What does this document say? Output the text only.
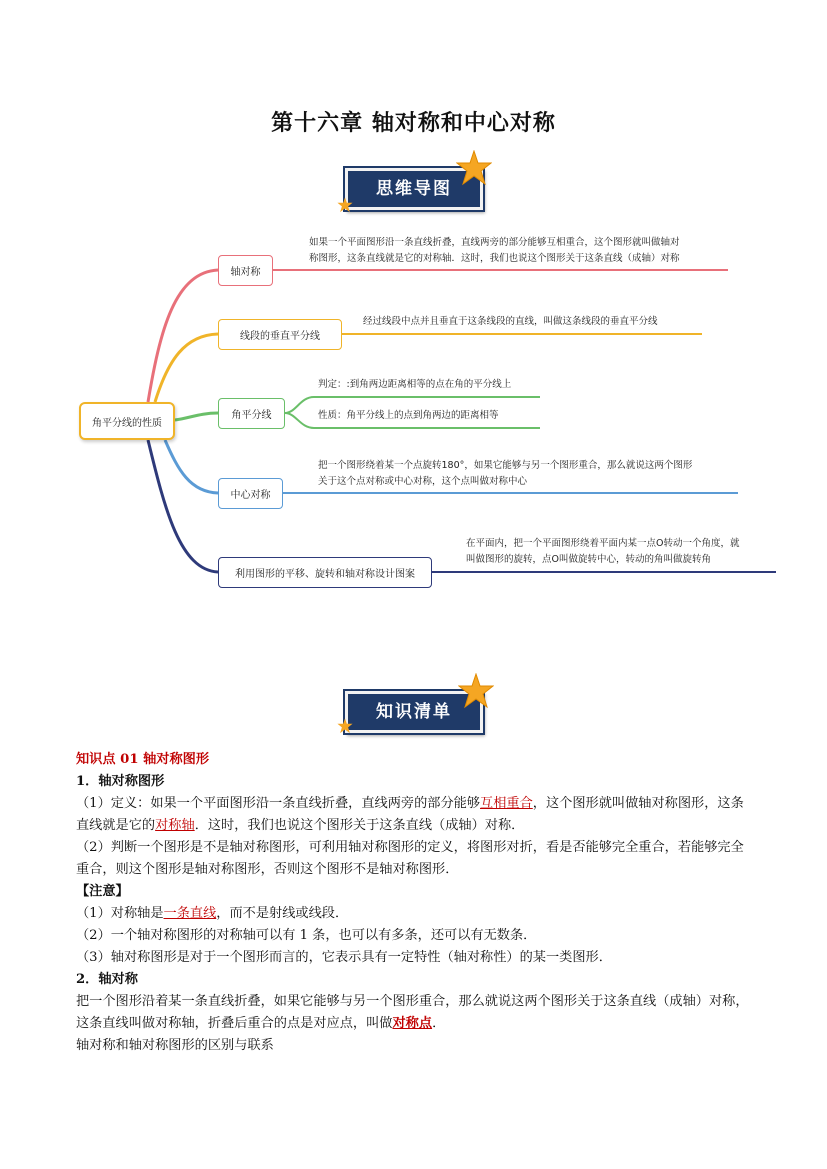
第十六章 轴对称和中心对称
思维导图
角平分线的性质
轴对称
线段的垂直平分线
角平分线
中心对称
利用图形的平移、旋转和轴对称设计图案
如果一个平面图形沿一条直线折叠，直线两旁的部分能够互相重合，这个图形就叫做轴对
称图形，这条直线就是它的对称轴．这时，我们也说这个图形关于这条直线（成轴）对称
经过线段中点并且垂直于这条线段的直线，叫做这条线段的垂直平分线
判定：:到角两边距离相等的点在角的平分线上
性质：角平分线上的点到角两边的距离相等
把一个图形绕着某一个点旋转180°，如果它能够与另一个图形重合，那么就说这两个图形
关于这个点对称或中心对称，这个点叫做对称中心
在平面内，把一个平面图形绕着平面内某一点O转动一个角度，就
叫做图形的旋转，点O叫做旋转中心，转动的角叫做旋转角
知识清单

知识点 01 轴对称图形

1．轴对称图形

（1）定义：如果一个平面图形沿一条直线折叠，直线两旁的部分能够互相重合，这个图形就叫做轴对称图形，这条直线就是它的对称轴．这时，我们也说这个图形关于这条直线（成轴）对称．

（2）判断一个图形是不是轴对称图形，可利用轴对称图形的定义，将图形对折，看是否能够完全重合，若能够完全重合，则这个图形是轴对称图形，否则这个图形不是轴对称图形．

【注意】

（1）对称轴是一条直线，而不是射线或线段．

（2）一个轴对称图形的对称轴可以有 1 条，也可以有多条，还可以有无数条．

（3）轴对称图形是对于一个图形而言的，它表示具有一定特性（轴对称性）的某一类图形．

2．轴对称

把一个图形沿着某一条直线折叠，如果它能够与另一个图形重合，那么就说这两个图形关于这条直线（成轴）对称，这条直线叫做对称轴，折叠后重合的点是对应点，叫做对称点．

轴对称和轴对称图形的区别与联系
